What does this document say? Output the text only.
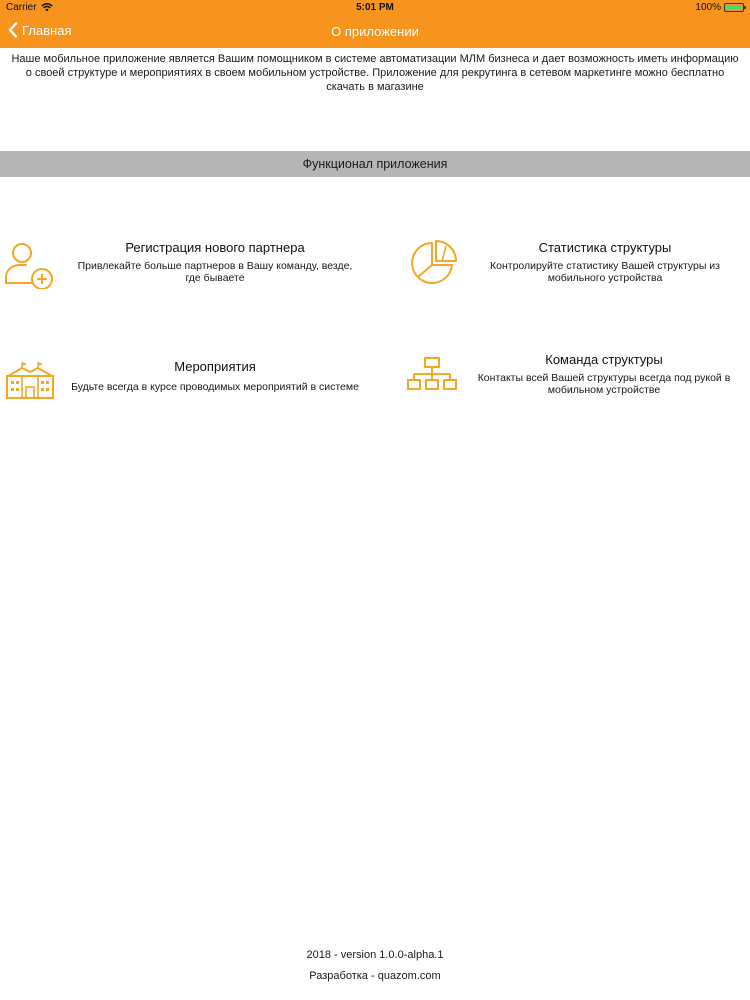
Carrier	5:01 PM	100%
Главная	О приложении
Наше мобильное приложение является Вашим помощником в системе автоматизации МЛМ бизнеса и дает возможность иметь информацию о своей структуре и мероприятиях в своем мобильном устройстве. Приложение для рекрутинга в сетевом маркетинге можно бесплатно скачать в магазине
Функционал приложения
Регистрация нового партнера
Привлекайте больше партнеров в Вашу команду, везде, где бываете
Статистика структуры
Контролируйте статистику Вашей структуры из мобильного устройства
Мероприятия
Будьте всегда в курсе проводимых мероприятий в системе
Команда структуры
Контакты всей Вашей структуры всегда под рукой в мобильном устройстве
2018 - version 1.0.0-alpha.1
Разработка - quazom.com
